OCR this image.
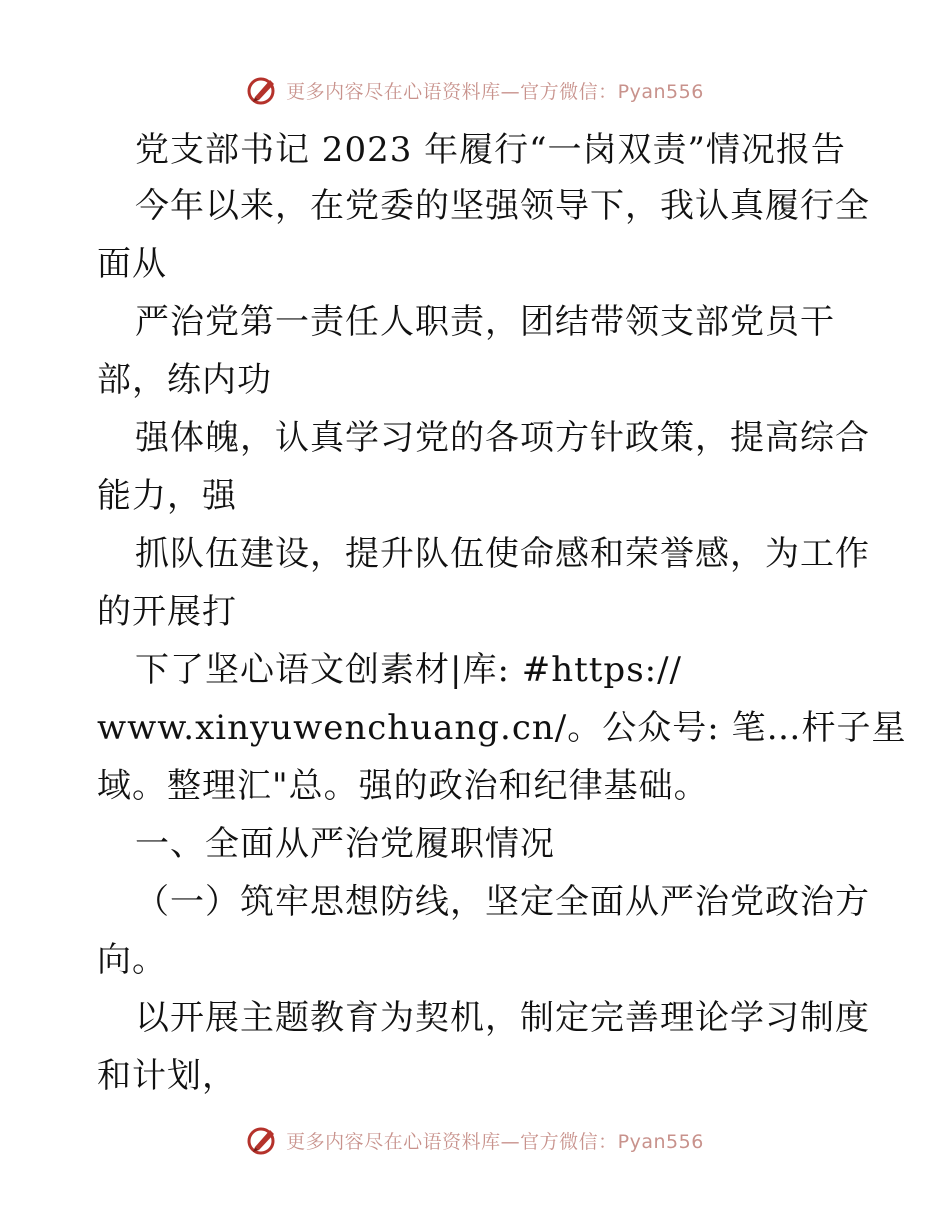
更多内容尽在心语资料库—官方微信：Pyan556
党支部书记 2023 年履行“一岗双责”情况报告
今年以来，在党委的坚强领导下，我认真履行全
面从
严治党第一责任人职责，团结带领支部党员干
部，练内功
强体魄，认真学习党的各项方针政策，提高综合
能力，强
抓队伍建设，提升队伍使命感和荣誉感，为工作
的开展打
下了坚心语文创素材|库: #https://
www.xinyuwenchuang.cn/。公众号: 笔…杆子星
域。整理汇"总。强的政治和纪律基础。
一、全面从严治党履职情况
（一）筑牢思想防线，坚定全面从严治党政治方
向。
以开展主题教育为契机，制定完善理论学习制度
和计划，
更多内容尽在心语资料库—官方微信：Pyan556
